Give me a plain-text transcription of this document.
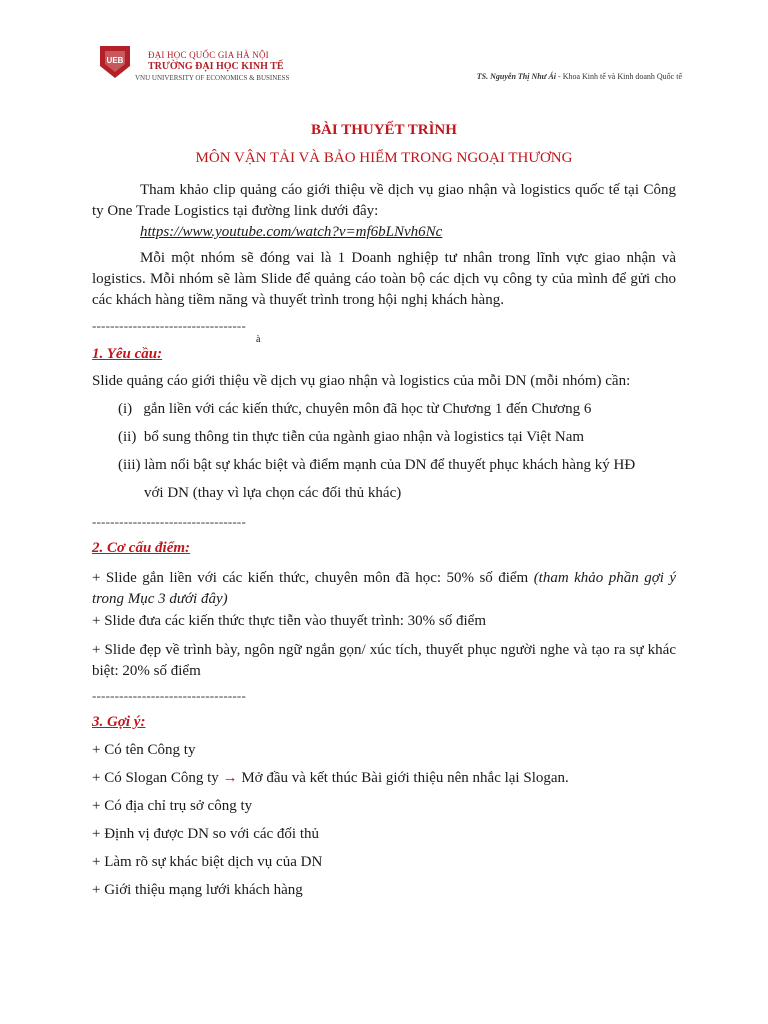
UEB
ĐẠI HỌC QUỐC GIA HÀ NỘI
TRƯỜNG ĐẠI HỌC KINH TẾ
VNU UNIVERSITY OF ECONOMICS & BUSINESS	TS. Nguyễn Thị Như Ái - Khoa Kinh tế và Kinh doanh Quốc tế
BÀI THUYẾT TRÌNH
MÔN VẬN TẢI VÀ BẢO HIỂM TRONG NGOẠI THƯƠNG
Tham khảo clip quảng cáo giới thiệu về dịch vụ giao nhận và logistics quốc tế tại Công ty One Trade Logistics tại đường link dưới đây:
https://www.youtube.com/watch?v=mf6bLNvh6Nc
Mỗi một nhóm sẽ đóng vai là 1 Doanh nghiệp tư nhân trong lĩnh vực giao nhận và logistics. Mỗi nhóm sẽ làm Slide để quảng cáo toàn bộ các dịch vụ công ty của mình để gửi cho các khách hàng tiềm năng và thuyết trình trong hội nghị khách hàng.
----------------------------------
à
1. Yêu cầu:
Slide quảng cáo giới thiệu về dịch vụ giao nhận và logistics của mỗi DN (mỗi nhóm) cần:
(i) gắn liền với các kiến thức, chuyên môn đã học từ Chương 1 đến Chương 6
(ii) bổ sung thông tin thực tiễn của ngành giao nhận và logistics tại Việt Nam
(iii) làm nổi bật sự khác biệt và điểm mạnh của DN để thuyết phục khách hàng ký HĐ
với DN (thay vì lựa chọn các đối thủ khác)
----------------------------------
2. Cơ cấu điểm:
+ Slide gắn liền với các kiến thức, chuyên môn đã học: 50% số điểm (tham khảo phần gợi ý trong Mục 3 dưới đây)
+ Slide đưa các kiến thức thực tiễn vào thuyết trình: 30% số điểm
+ Slide đẹp về trình bày, ngôn ngữ ngắn gọn/ xúc tích, thuyết phục người nghe và tạo ra sự khác biệt: 20% số điểm
----------------------------------
3. Gợi ý:
+ Có tên Công ty
+ Có Slogan Công ty → Mở đầu và kết thúc Bài giới thiệu nên nhắc lại Slogan.
+ Có địa chỉ trụ sở công ty
+ Định vị được DN so với các đối thủ
+ Làm rõ sự khác biệt dịch vụ của DN
+ Giới thiệu mạng lưới khách hàng
